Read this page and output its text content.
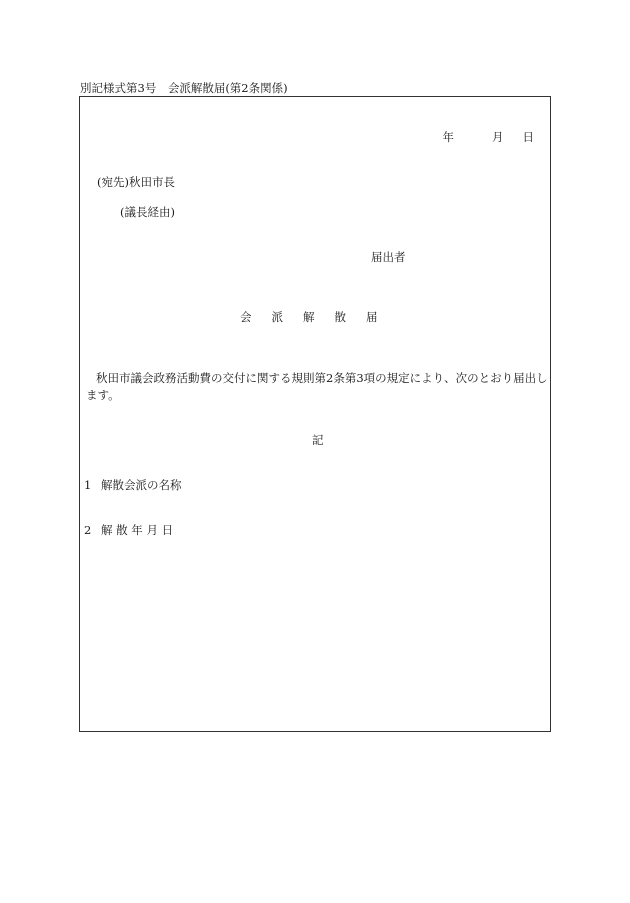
別記様式第3号　会派解散届(第2条関係)
年	月 日
(宛先)秋田市長
(議長経由)
届出者
会 派 解 散 届
秋田市議会政務活動費の交付に関する規則第2条第3項の規定により、次のとおり届出します。
記
1 解散会派の名称
2 解 散 年 月 日
